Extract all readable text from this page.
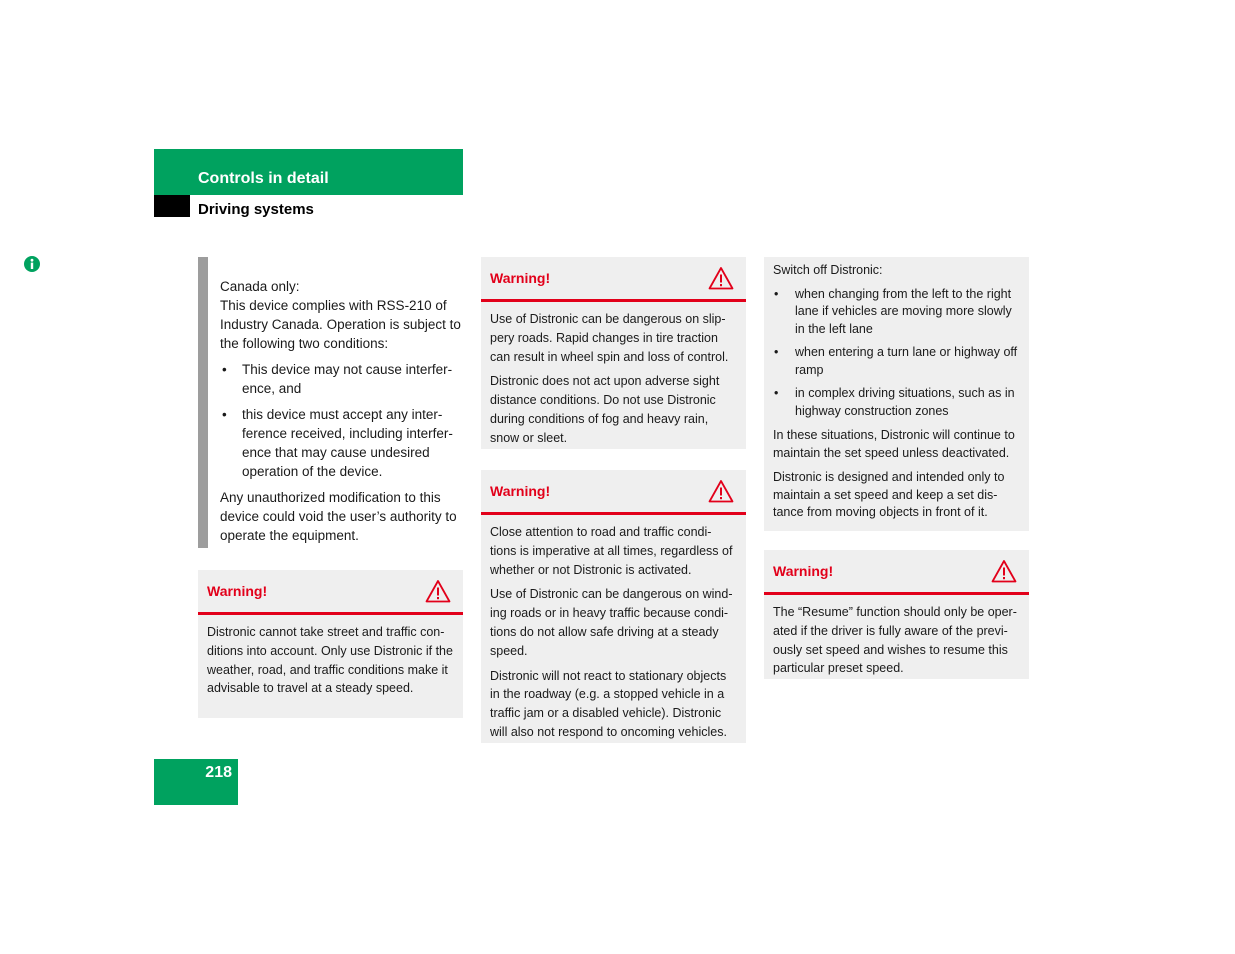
Controls in detail
Driving systems

Canada only:

This device complies with RSS-210 of Industry Canada. Operation is subject to the following two conditions:

• This device may not cause interfer-ence, and
• this device must accept any inter-ference received, including interfer-ence that may cause undesired operation of the device.

Any unauthorized modification to this device could void the user’s authority to operate the equipment.

Warning!

Distronic cannot take street and traffic con-ditions into account. Only use Distronic if the weather, road, and traffic conditions make it advisable to travel at a steady speed.

Warning!

Use of Distronic can be dangerous on slip-pery roads. Rapid changes in tire traction can result in wheel spin and loss of control.

Distronic does not act upon adverse sight distance conditions. Do not use Distronic during conditions of fog and heavy rain, snow or sleet.

Warning!

Close attention to road and traffic condi-tions is imperative at all times, regardless of whether or not Distronic is activated.

Use of Distronic can be dangerous on wind-ing roads or in heavy traffic because condi-tions do not allow safe driving at a steady speed.

Distronic will not react to stationary objects in the roadway (e.g. a stopped vehicle in a traffic jam or a disabled vehicle). Distronic will also not respond to oncoming vehicles.

Switch off Distronic:

• when changing from the left to the right lane if vehicles are moving more slowly in the left lane
• when entering a turn lane or highway off ramp
• in complex driving situations, such as in highway construction zones

In these situations, Distronic will continue to maintain the set speed unless deactivated.

Distronic is designed and intended only to maintain a set speed and keep a set dis-tance from moving objects in front of it.

Warning!

The “Resume” function should only be oper-ated if the driver is fully aware of the previ-ously set speed and wishes to resume this particular preset speed.

218
